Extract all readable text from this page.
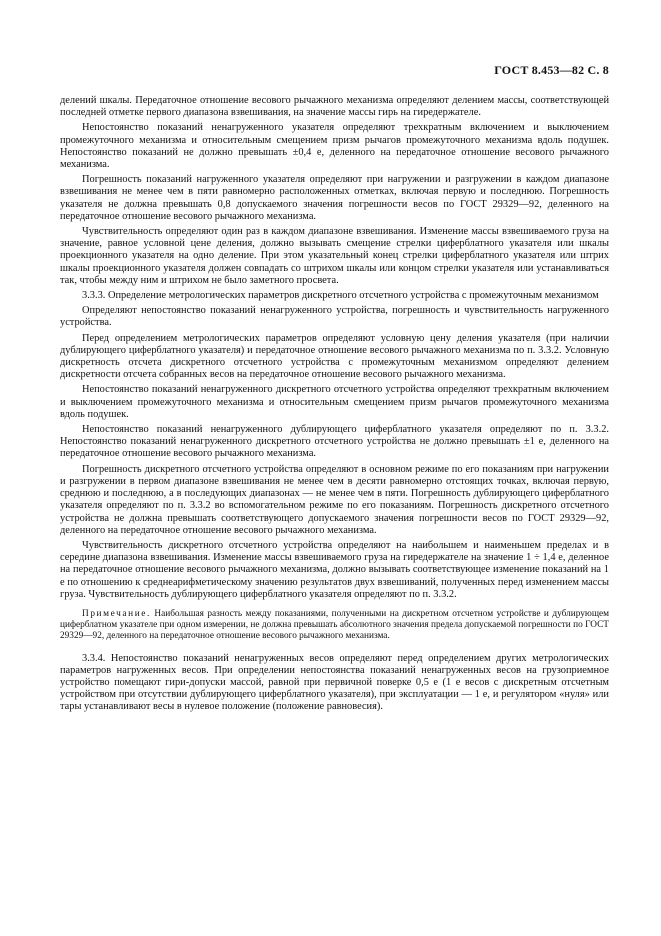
ГОСТ 8.453—82 С. 8

делений шкалы. Передаточное отношение весового рычажного механизма определяют делением массы, соответствующей последней отметке первого диапазона взвешивания, на значение массы гирь на гиредержателе.

Непостоянство показаний ненагруженного указателя определяют трехкратным включением и выключением промежуточного механизма и относительным смещением призм рычагов промежуточного механизма вдоль подушек. Непостоянство показаний не должно превышать ±0,4 е, деленного на передаточное отношение весового рычажного механизма.

Погрешность показаний нагруженного указателя определяют при нагружении и разгружении в каждом диапазоне взвешивания не менее чем в пяти равномерно расположенных отметках, включая первую и последнюю. Погрешность указателя не должна превышать 0,8 допускаемого значения погрешности весов по ГОСТ 29329—92, деленного на передаточное отношение весового рычажного механизма.

Чувствительность определяют один раз в каждом диапазоне взвешивания. Изменение массы взвешиваемого груза на значение, равное условной цене деления, должно вызывать смещение стрелки циферблатного указателя или шкалы проекционного указателя на одно деление. При этом указательный конец стрелки циферблатного указателя или штрих шкалы проекционного указателя должен совпадать со штрихом шкалы или концом стрелки указателя или устанавливаться так, чтобы между ним и штрихом не было заметного просвета.

3.3.3. Определение метрологических параметров дискретного отсчетного устройства с промежуточным механизмом

Определяют непостоянство показаний ненагруженного устройства, погрешность и чувствительность нагруженного устройства.

Перед определением метрологических параметров определяют условную цену деления указателя (при наличии дублирующего циферблатного указателя) и передаточное отношение весового рычажного механизма по п. 3.3.2. Условную дискретность отсчета дискретного отсчетного устройства с промежуточным механизмом определяют делением дискретности отсчета собранных весов на передаточное отношение весового рычажного механизма.

Непостоянство показаний ненагруженного дискретного отсчетного устройства определяют трехкратным включением и выключением промежуточного механизма и относительным смещением призм рычагов промежуточного механизма вдоль подушек.

Непостоянство показаний ненагруженного дублирующего циферблатного указателя определяют по п. 3.3.2. Непостоянство показаний ненагруженного дискретного отсчетного устройства не должно превышать ±1 е, деленного на передаточное отношение весового рычажного механизма.

Погрешность дискретного отсчетного устройства определяют в основном режиме по его показаниям при нагружении и разгружении в первом диапазоне взвешивания не менее чем в десяти равномерно отстоящих точках, включая первую, среднюю и последнюю, а в последующих диапазонах — не менее чем в пяти. Погрешность дублирующего циферблатного указателя определяют по п. 3.3.2 во вспомогательном режиме по его показаниям. Погрешность дискретного отсчетного устройства не должна превышать соответствующего допускаемого значения погрешности весов по ГОСТ 29329—92, деленного на передаточное отношение весового рычажного механизма.

Чувствительность дискретного отсчетного устройства определяют на наибольшем и наименьшем пределах и в середине диапазона взвешивания. Изменение массы взвешиваемого груза на гиредержателе на значение 1 ÷ 1,4 е, деленное на передаточное отношение весового рычажного механизма, должно вызывать соответствующее изменение показаний на 1 е по отношению к среднеарифметическому значению результатов двух взвешиваний, полученных перед изменением массы груза. Чувствительность дублирующего циферблатного указателя определяют по п. 3.3.2.

Примечание. Наибольшая разность между показаниями, полученными на дискретном отсчетном устройстве и дублирующем циферблатном указателе при одном измерении, не должна превышать абсолютного значения предела допускаемой погрешности по ГОСТ 29329—92, деленного на передаточное отношение весового рычажного механизма.

3.3.4. Непостоянство показаний ненагруженных весов определяют перед определением других метрологических параметров нагруженных весов. При определении непостоянства показаний ненагруженных весов на грузоприемное устройство помещают гири-допуски массой, равной при первичной поверке 0,5 е (1 е весов с дискретным отсчетным устройством при отсутствии дублирующего циферблатного указателя), при эксплуатации — 1 е, и регулятором «нуля» или тары устанавливают весы в нулевое положение (положение равновесия).
